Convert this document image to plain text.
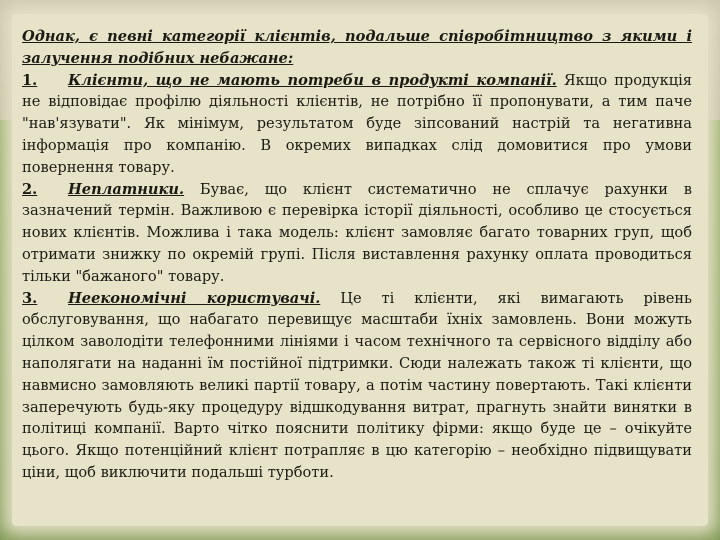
Однак, є певні категорії клієнтів, подальше співробітництво з якими і залучення подібних небажане:

1. Клієнти, що не мають потреби в продукті компанії. Якщо продукція не відповідає профілю діяльності клієнтів, не потрібно її пропонувати, а тим паче "нав'язувати". Як мінімум, результатом буде зіпсований настрій та негативна інформація про компанію. В окремих випадках слід домовитися про умови повернення товару.

2. Неплатники. Буває, що клієнт систематично не сплачує рахунки в зазначений термін. Важливою є перевірка історії діяльності, особливо це стосується нових клієнтів. Можлива і така модель: клієнт замовляє багато товарних груп, щоб отримати знижку по окремій групі. Після виставлення рахунку оплата проводиться тільки "бажаного" товару.

3. Неекономічні користувачі. Це ті клієнти, які вимагають рівень обслуговування, що набагато перевищує масштаби їхніх замовлень. Вони можуть цілком заволодіти телефонними лініями і часом технічного та сервісного відділу або наполягати на наданні їм постійної підтримки. Сюди належать також ті клієнти, що навмисно замовляють великі партії товару, а потім частину повертають. Такі клієнти заперечують будь-яку процедуру відшкодування витрат, прагнуть знайти винятки в політиці компанії. Варто чітко пояснити політику фірми: якщо буде це – очікуйте цього. Якщо потенційний клієнт потрапляє в цю категорію – необхідно підвищувати ціни, щоб виключити подальші турботи.
